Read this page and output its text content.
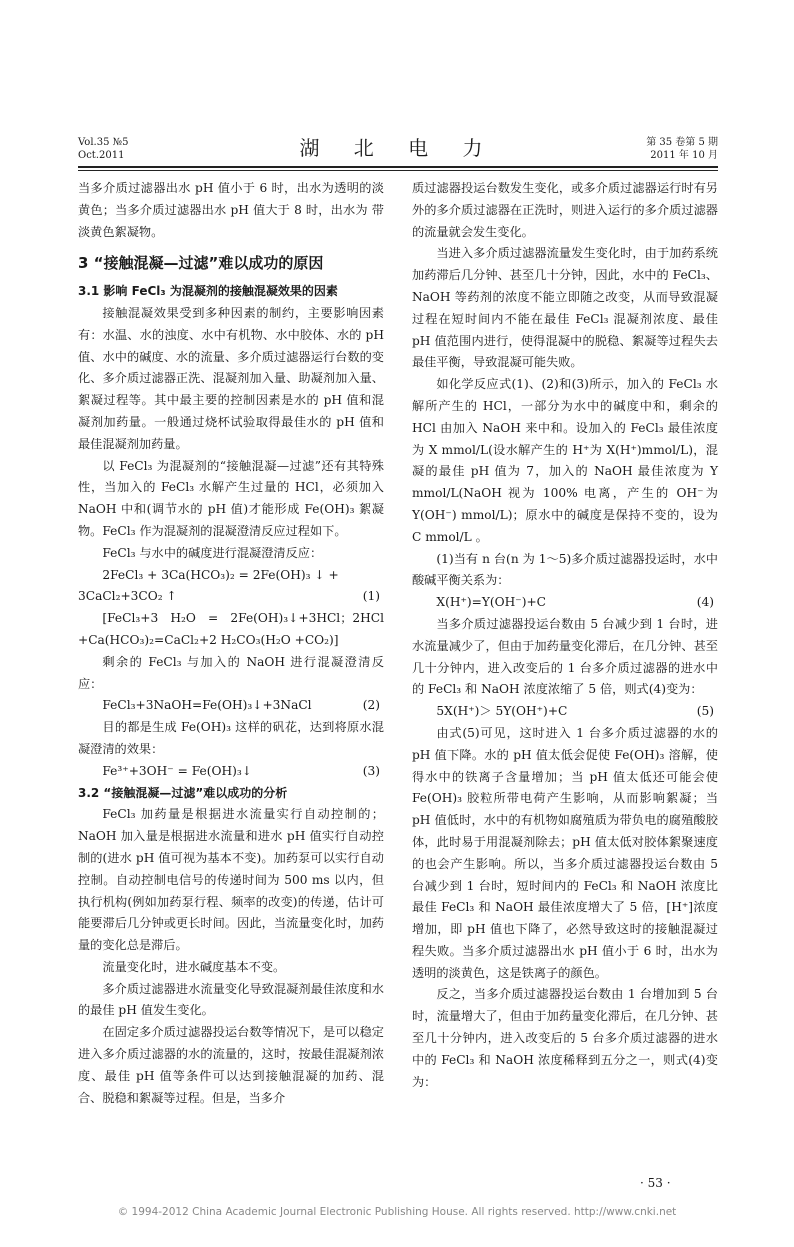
Vol.35 №5
Oct.2011	湖 北 电 力	第 35 卷第 5 期
2011 年 10 月

当多介质过滤器出水 pH 值小于 6 时，出水为透明的淡黄色；当多介质过滤器出水 pH 值大于 8 时，出水为 带淡黄色絮凝物。

3 “接触混凝—过滤”难以成功的原因

3.1 影响 FeCl₃ 为混凝剂的接触混凝效果的因素

接触混凝效果受到多种因素的制约，主要影响因素有：水温、水的浊度、水中有机物、水中胶体、水的 pH 值、水中的碱度、水的流量、多介质过滤器运行台数的变化、多介质过滤器正洗、混凝剂加入量、助凝剂加入量、絮凝过程等。其中最主要的控制因素是水的 pH 值和混凝剂加药量。一般通过烧杯试验取得最佳水的 pH 值和最佳混凝剂加药量。

以 FeCl₃ 为混凝剂的“接触混凝—过滤”还有其特殊性，当加入的 FeCl₃ 水解产生过量的 HCl，必须加入 NaOH 中和(调节水的 pH 值)才能形成 Fe(OH)₃ 絮凝物。FeCl₃ 作为混凝剂的混凝澄清反应过程如下。

FeCl₃ 与水中的碱度进行混凝澄清反应：

2FeCl₃ + 3Ca(HCO₃)₂ = 2Fe(OH)₃ ↓ +

3CaCl₂+3CO₂ ↑	(1)

[FeCl₃+3 H₂O = 2Fe(OH)₃↓+3HCl；2HCl +Ca(HCO₃)₂=CaCl₂+2 H₂CO₃(H₂O +CO₂)]

剩余的 FeCl₃ 与加入的 NaOH 进行混凝澄清反应：

FeCl₃+3NaOH=Fe(OH)₃↓+3NaCl	(2)

目的都是生成 Fe(OH)₃ 这样的矾花，达到将原水混凝澄清的效果：

Fe³⁺+3OH⁻ = Fe(OH)₃↓	(3)

3.2 “接触混凝—过滤”难以成功的分析

FeCl₃ 加药量是根据进水流量实行自动控制的；NaOH 加入量是根据进水流量和进水 pH 值实行自动控制的(进水 pH 值可视为基本不变)。加药泵可以实行自动控制。自动控制电信号的传递时间为 500 ms 以内，但执行机构(例如加药泵行程、频率的改变)的传递，估计可能要滞后几分钟或更长时间。因此，当流量变化时，加药量的变化总是滞后。

流量变化时，进水碱度基本不变。

多介质过滤器进水流量变化导致混凝剂最佳浓度和水的最佳 pH 值发生变化。

在固定多介质过滤器投运台数等情况下，是可以稳定进入多介质过滤器的水的流量的，这时，按最佳混凝剂浓度、最佳 pH 值等条件可以达到接触混凝的加药、混合、脱稳和絮凝等过程。但是，当多介

质过滤器投运台数发生变化，或多介质过滤器运行时有另外的多介质过滤器在正洗时，则进入运行的多介质过滤器的流量就会发生变化。

当进入多介质过滤器流量发生变化时，由于加药系统加药滞后几分钟、甚至几十分钟，因此，水中的 FeCl₃、NaOH 等药剂的浓度不能立即随之改变，从而导致混凝过程在短时间内不能在最佳 FeCl₃ 混凝剂浓度、最佳 pH 值范围内进行，使得混凝中的脱稳、絮凝等过程失去最佳平衡，导致混凝可能失败。

如化学反应式(1)、(2)和(3)所示，加入的 FeCl₃ 水解所产生的 HCl，一部分为水中的碱度中和，剩余的 HCl 由加入 NaOH 来中和。设加入的 FeCl₃ 最佳浓度为 X mmol/L(设水解产生的 H⁺为 X(H⁺)mmol/L)，混凝的最佳 pH 值为 7，加入的 NaOH 最佳浓度为 Y mmol/L(NaOH 视为 100% 电离，产生的 OH⁻为 Y(OH⁻) mmol/L)；原水中的碱度是保持不变的，设为 C mmol/L 。

(1)当有 n 台(n 为 1～5)多介质过滤器投运时，水中酸碱平衡关系为：

X(H⁺)=Y(OH⁻)+C	(4)

当多介质过滤器投运台数由 5 台减少到 1 台时，进水流量减少了，但由于加药量变化滞后，在几分钟、甚至几十分钟内，进入改变后的 1 台多介质过滤器的进水中的 FeCl₃ 和 NaOH 浓度浓缩了 5 倍，则式(4)变为：

5X(H⁺)＞ 5Y(OH⁺)+C	(5)

由式(5)可见，这时进入 1 台多介质过滤器的水的 pH 值下降。水的 pH 值太低会促使 Fe(OH)₃ 溶解，使得水中的铁离子含量增加；当 pH 值太低还可能会使 Fe(OH)₃ 胶粒所带电荷产生影响，从而影响絮凝；当 pH 值低时，水中的有机物如腐殖质为带负电的腐殖酸胶体，此时易于用混凝剂除去；pH 值太低对胶体絮聚速度的也会产生影响。所以，当多介质过滤器投运台数由 5 台减少到 1 台时，短时间内的 FeCl₃ 和 NaOH 浓度比最佳 FeCl₃ 和 NaOH 最佳浓度增大了 5 倍，[H⁺]浓度增加，即 pH 值也下降了，必然导致这时的接触混凝过程失败。当多介质过滤器出水 pH 值小于 6 时，出水为透明的淡黄色，这是铁离子的颜色。

反之，当多介质过滤器投运台数由 1 台增加到 5 台时，流量增大了，但由于加药量变化滞后，在几分钟、甚至几十分钟内，进入改变后的 5 台多介质过滤器的进水中的 FeCl₃ 和 NaOH 浓度稀释到五分之一，则式(4)变为：

· 53 ·
© 1994-2012 China Academic Journal Electronic Publishing House. All rights reserved. http://www.cnki.net
